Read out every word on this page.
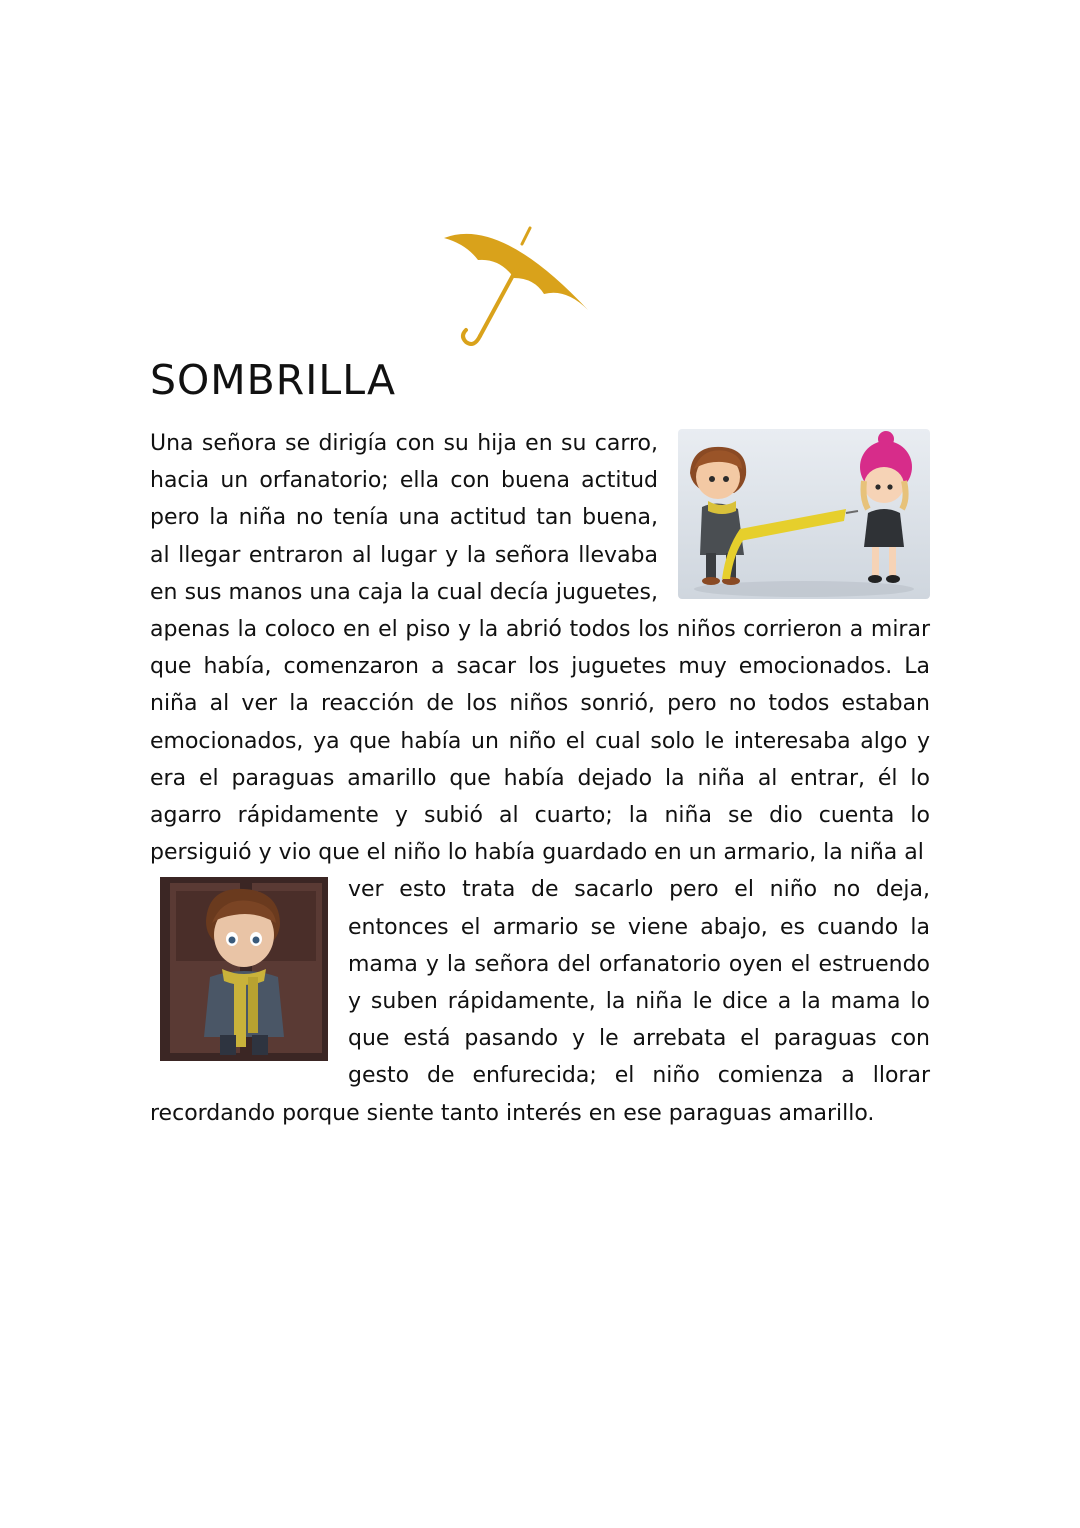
SOMBRILLA

Una señora se dirigía con su hija en su carro, hacia un orfanatorio; ella con buena actitud pero la niña no tenía una actitud tan buena, al llegar entraron al lugar y la señora llevaba en sus manos una caja la cual decía juguetes, apenas la coloco en el piso y la abrió todos los niños corrieron a mirar que había, comenzaron a sacar los juguetes muy emocionados. La niña al ver la reacción de los niños sonrió, pero no todos estaban emocionados, ya que había un niño el cual solo le interesaba algo y era el paraguas amarillo que había dejado la niña al entrar, él lo agarro rápidamente y subió al cuarto; la niña se dio cuenta lo persiguió y vio que el niño lo había guardado en un armario, la niña al

ver esto trata de sacarlo pero el niño no deja, entonces el armario se viene abajo, es cuando la mama y la señora del orfanatorio oyen el estruendo y suben rápidamente, la niña le dice a la mama lo que está pasando y le arrebata el paraguas con gesto de enfurecida; el niño comienza a llorar recordando porque siente tanto interés en ese paraguas amarillo.
